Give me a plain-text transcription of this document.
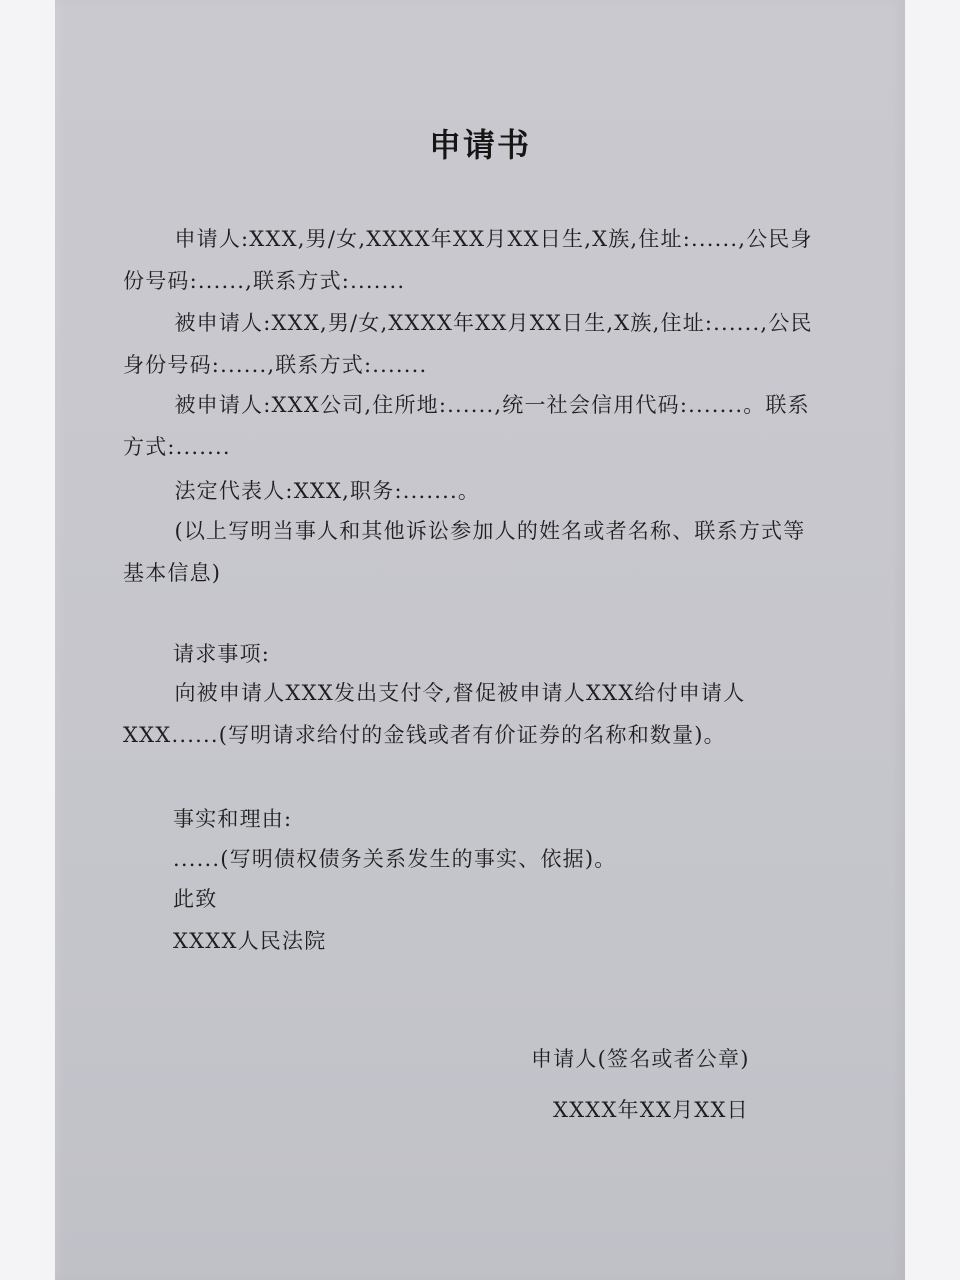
申请书

申请人:XXX,男/女,XXXX年XX月XX日生,X族,住址:......,公民身份号码:......,联系方式:.......

被申请人:XXX,男/女,XXXX年XX月XX日生,X族,住址:......,公民身份号码:......,联系方式:.......

被申请人:XXX公司,住所地:......,统一社会信用代码:.......。联系方式:.......

法定代表人:XXX,职务:.......。

(以上写明当事人和其他诉讼参加人的姓名或者名称、联系方式等基本信息)

请求事项:

向被申请人XXX发出支付令,督促被申请人XXX给付申请人XXX......(写明请求给付的金钱或者有价证券的名称和数量)。

事实和理由:
......(写明债权债务关系发生的事实、依据)。
此致
XXXX人民法院
申请人(签名或者公章)
XXXX年XX月XX日
